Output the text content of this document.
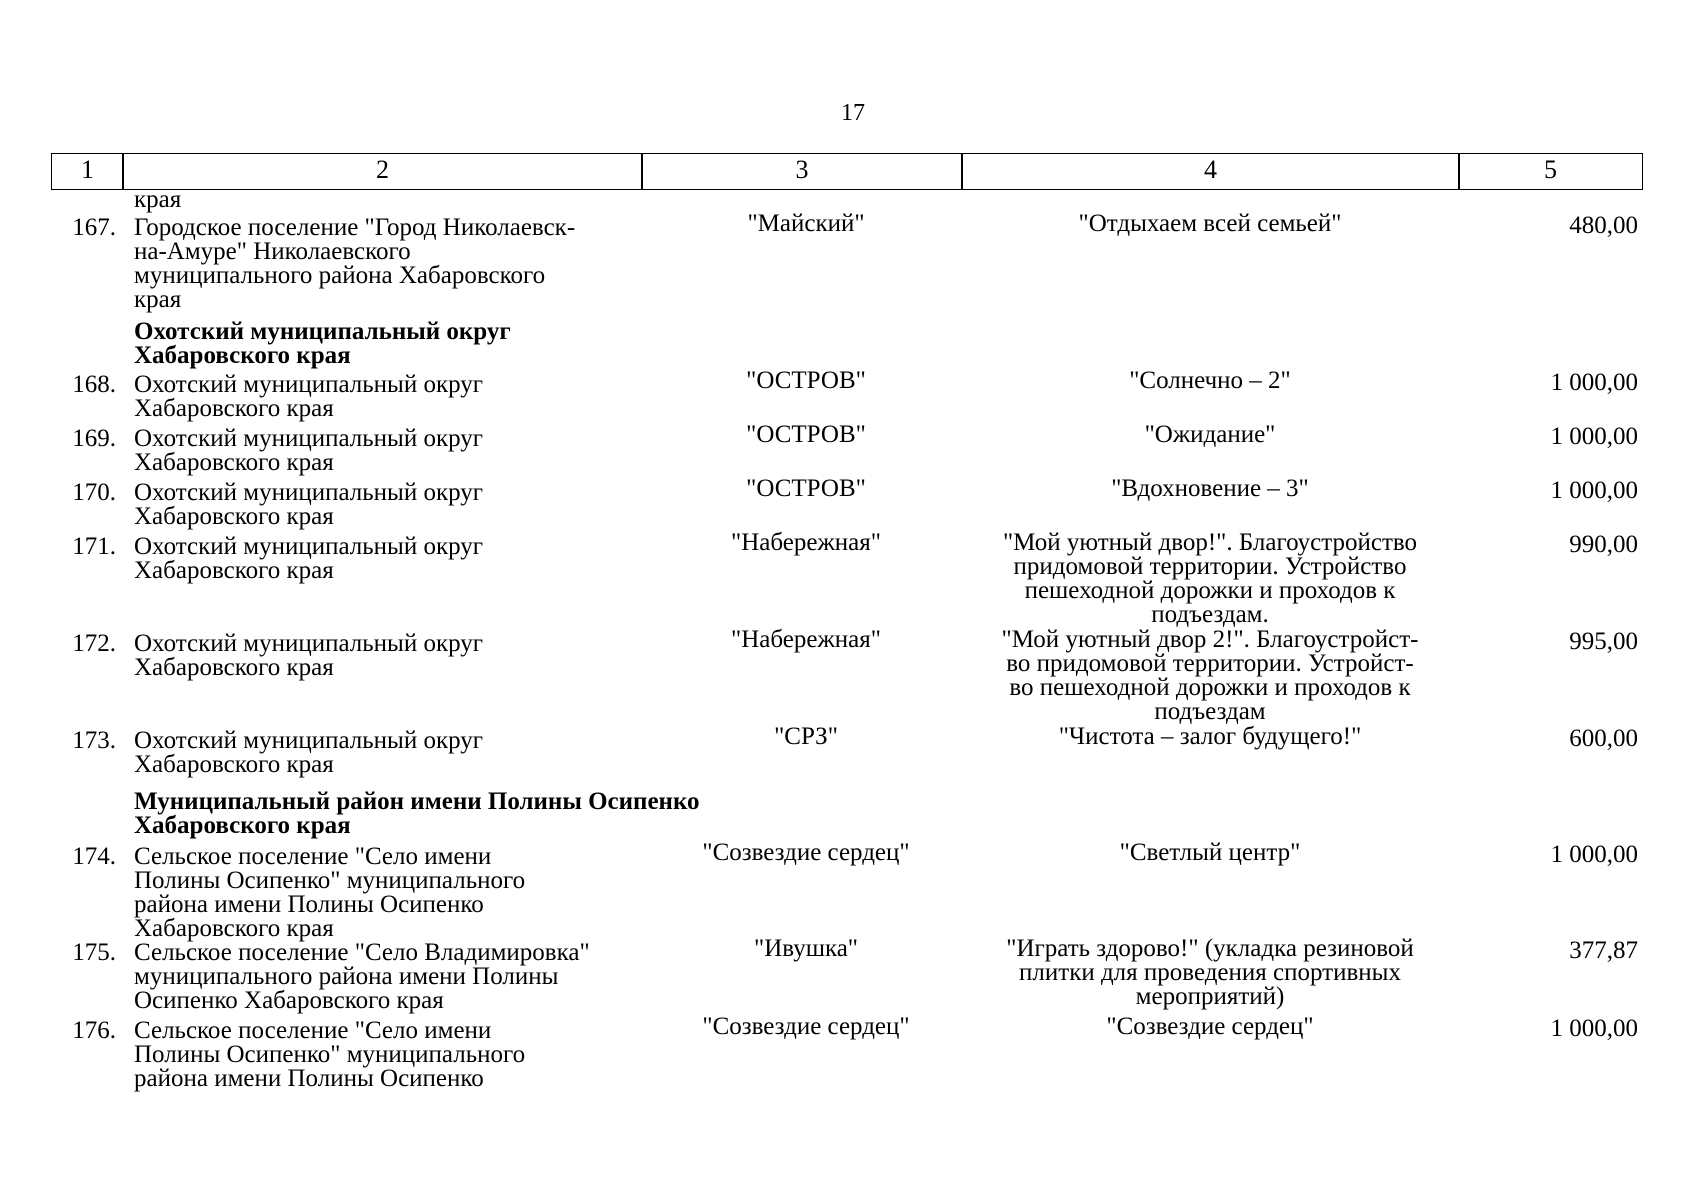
17
1	2	3	4	5
края
167. Городское поселение "Город Николаевск-
на-Амуре" Николаевского
муниципального района Хабаровского
края
"Майский"	"Отдыхаем всей семьей"	480,00
Охотский муниципальный округ
Хабаровского края
168. Охотский муниципальный округ
Хабаровского края
"ОСТРОВ"	"Солнечно – 2"	1 000,00
169. Охотский муниципальный округ
Хабаровского края
"ОСТРОВ"	"Ожидание"	1 000,00
170. Охотский муниципальный округ
Хабаровского края
"ОСТРОВ"	"Вдохновение – 3"	1 000,00
171. Охотский муниципальный округ
Хабаровского края
"Набережная"	"Мой уютный двор!". Благоустройство
придомовой территории. Устройство
пешеходной дорожки и проходов к
подъездам.
990,00
172. Охотский муниципальный округ
Хабаровского края
"Набережная"	"Мой уютный двор 2!". Благоустройст-
во придомовой территории. Устройст-
во пешеходной дорожки и проходов к
подъездам
995,00
173. Охотский муниципальный округ
Хабаровского края
"СРЗ"	"Чистота – залог будущего!"	600,00
Муниципальный район имени Полины Осипенко
Хабаровского края
174. Сельское поселение "Село имени
Полины Осипенко" муниципального
района имени Полины Осипенко
Хабаровского края
"Созвездие сердец"	"Светлый центр"	1 000,00
175. Сельское поселение "Село Владимировка"
муниципального района имени Полины
Осипенко Хабаровского края
"Ивушка"	"Играть здорово!" (укладка резиновой
плитки для проведения спортивных
мероприятий)
377,87
176. Сельское поселение "Село имени
Полины Осипенко" муниципального
района имени Полины Осипенко
"Созвездие сердец"	"Созвездие сердец"	1 000,00
